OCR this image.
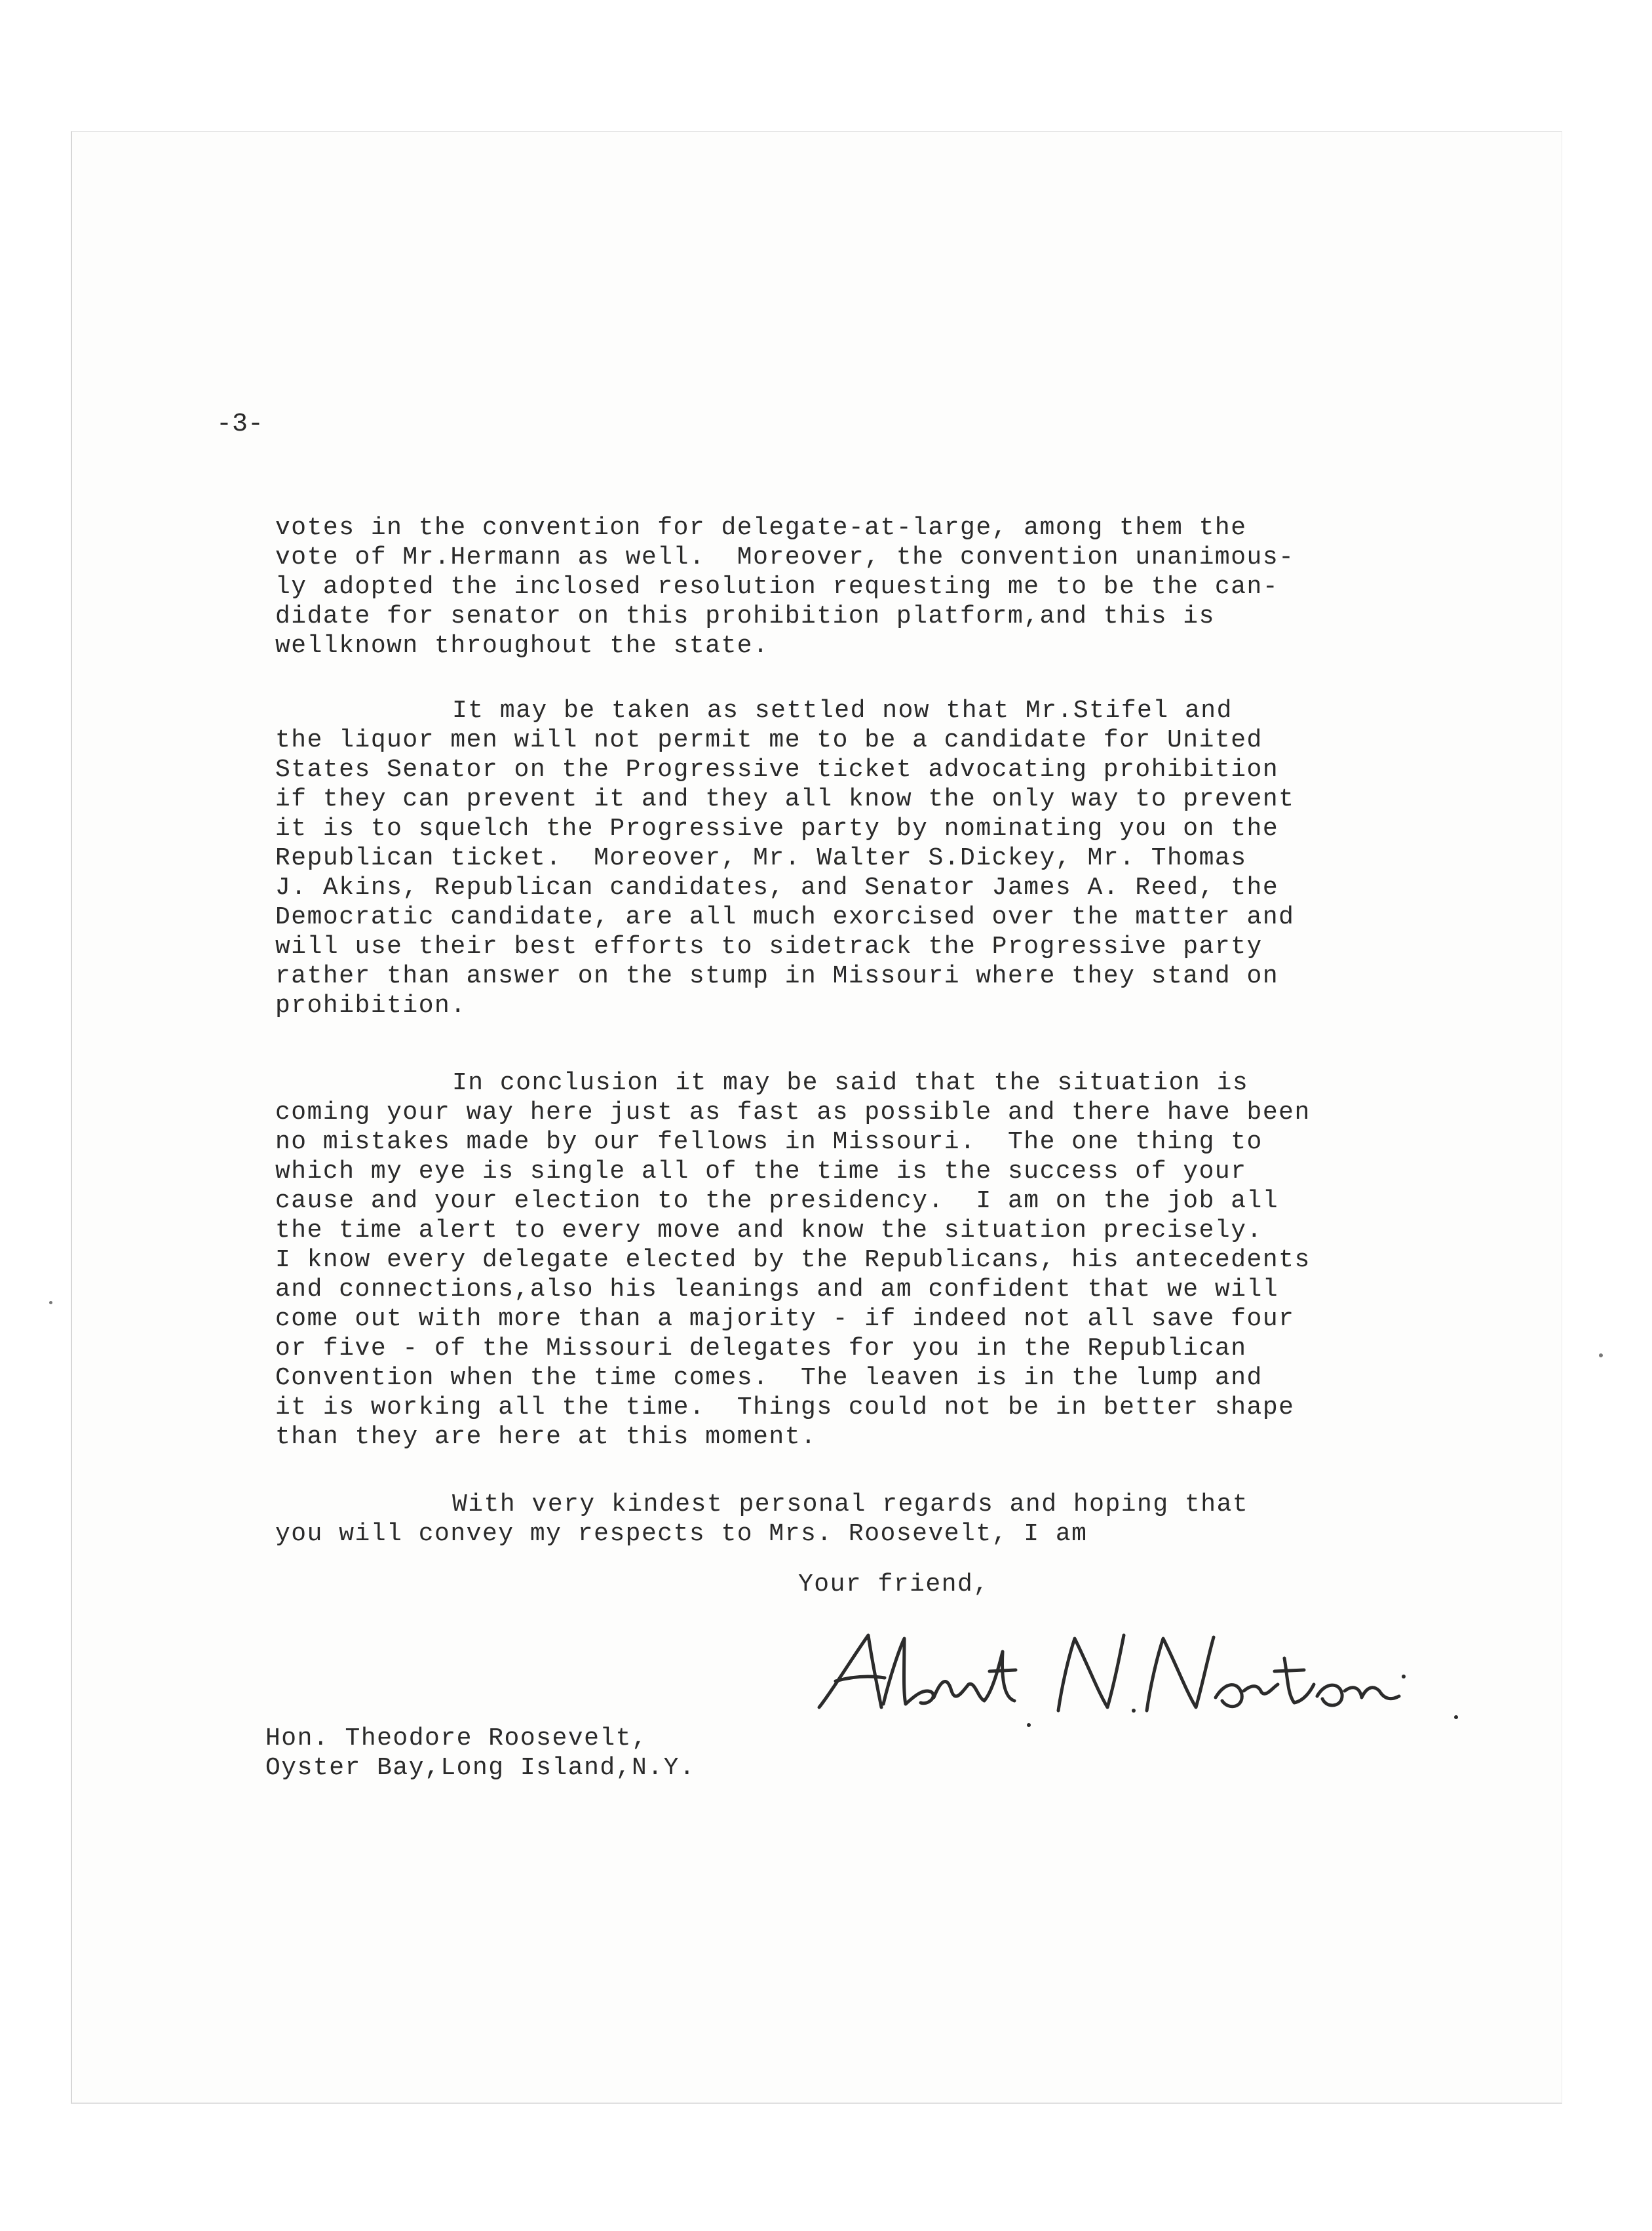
-3-
votes in the convention for delegate-at-large, among them the
vote of Mr.Hermann as well.  Moreover, the convention unanimous-
ly adopted the inclosed resolution requesting me to be the can-
didate for senator on this prohibition platform,and this is
wellknown throughout the state.
It may be taken as settled now that Mr.Stifel and
the liquor men will not permit me to be a candidate for United
States Senator on the Progressive ticket advocating prohibition
if they can prevent it and they all know the only way to prevent
it is to squelch the Progressive party by nominating you on the
Republican ticket.  Moreover, Mr. Walter S.Dickey, Mr. Thomas
J. Akins, Republican candidates, and Senator James A. Reed, the
Democratic candidate, are all much exorcised over the matter and
will use their best efforts to sidetrack the Progressive party
rather than answer on the stump in Missouri where they stand on
prohibition.
In conclusion it may be said that the situation is
coming your way here just as fast as possible and there have been
no mistakes made by our fellows in Missouri.  The one thing to
which my eye is single all of the time is the success of your
cause and your election to the presidency.  I am on the job all
the time alert to every move and know the situation precisely.
I know every delegate elected by the Republicans, his antecedents
and connections,also his leanings and am confident that we will
come out with more than a majority - if indeed not all save four
or five - of the Missouri delegates for you in the Republican
Convention when the time comes.  The leaven is in the lump and
it is working all the time.  Things could not be in better shape
than they are here at this moment.
With very kindest personal regards and hoping that
you will convey my respects to Mrs. Roosevelt, I am
Your friend,
Hon. Theodore Roosevelt,
Oyster Bay,Long Island,N.Y.
